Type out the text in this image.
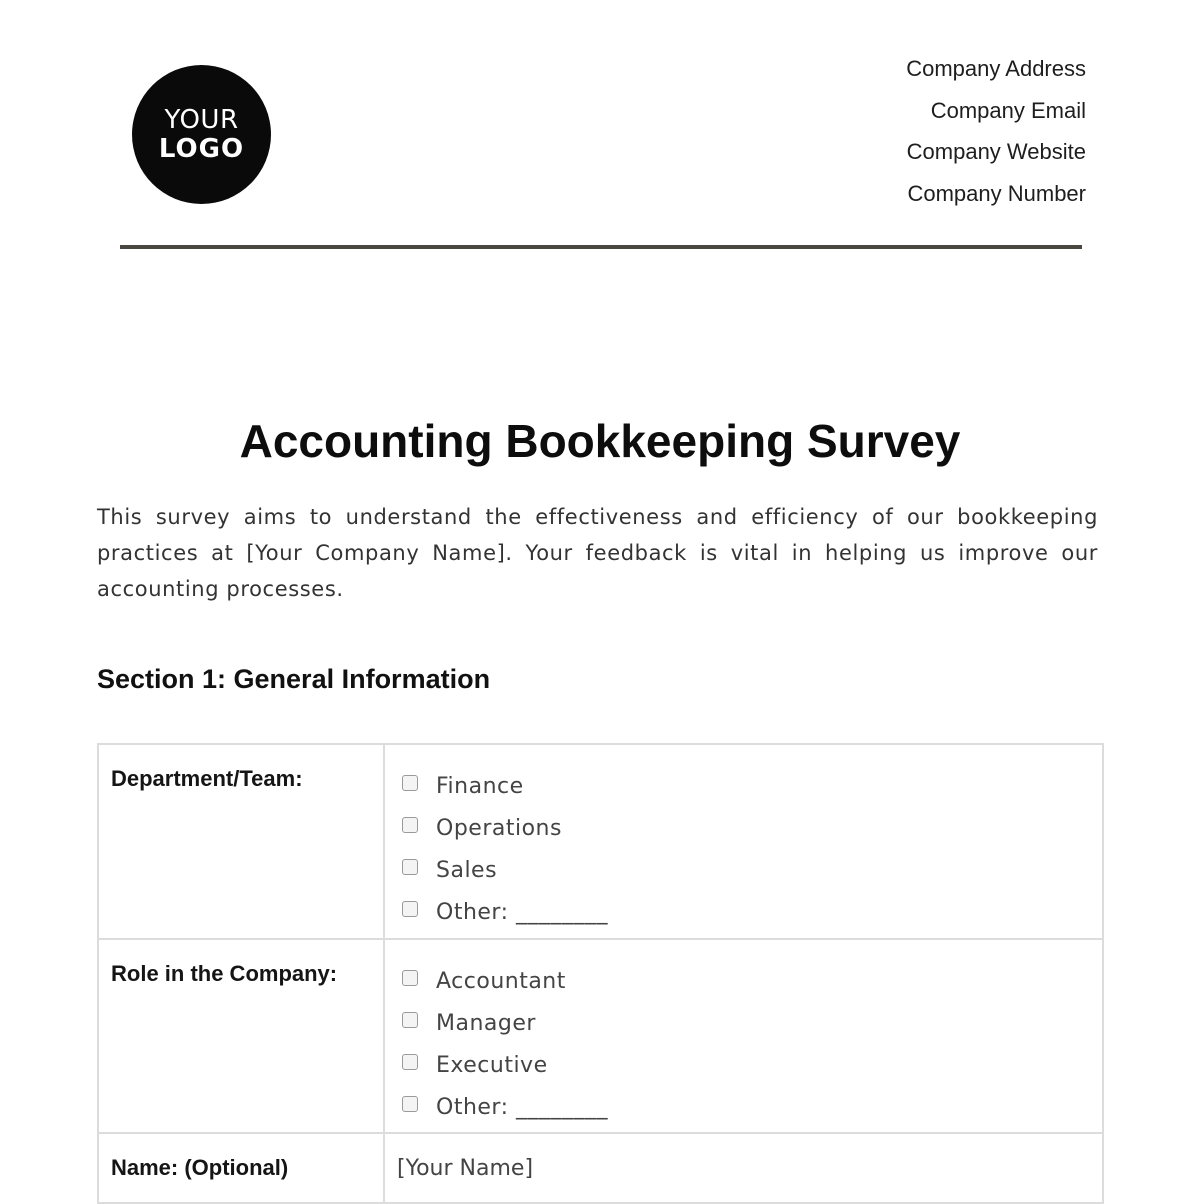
YOUR
LOGO
Company Address
Company Email
Company Website
Company Number
Accounting Bookkeeping Survey

This survey aims to understand the effectiveness and efficiency of our bookkeeping practices at [Your Company Name]. Your feedback is vital in helping us improve our accounting processes.

Section 1: General Information
Department/Team:	Finance
Operations
Sales
Other: ________

Role in the Company:	Accountant
Manager
Executive
Other: ________

Name: (Optional)	[Your Name]
